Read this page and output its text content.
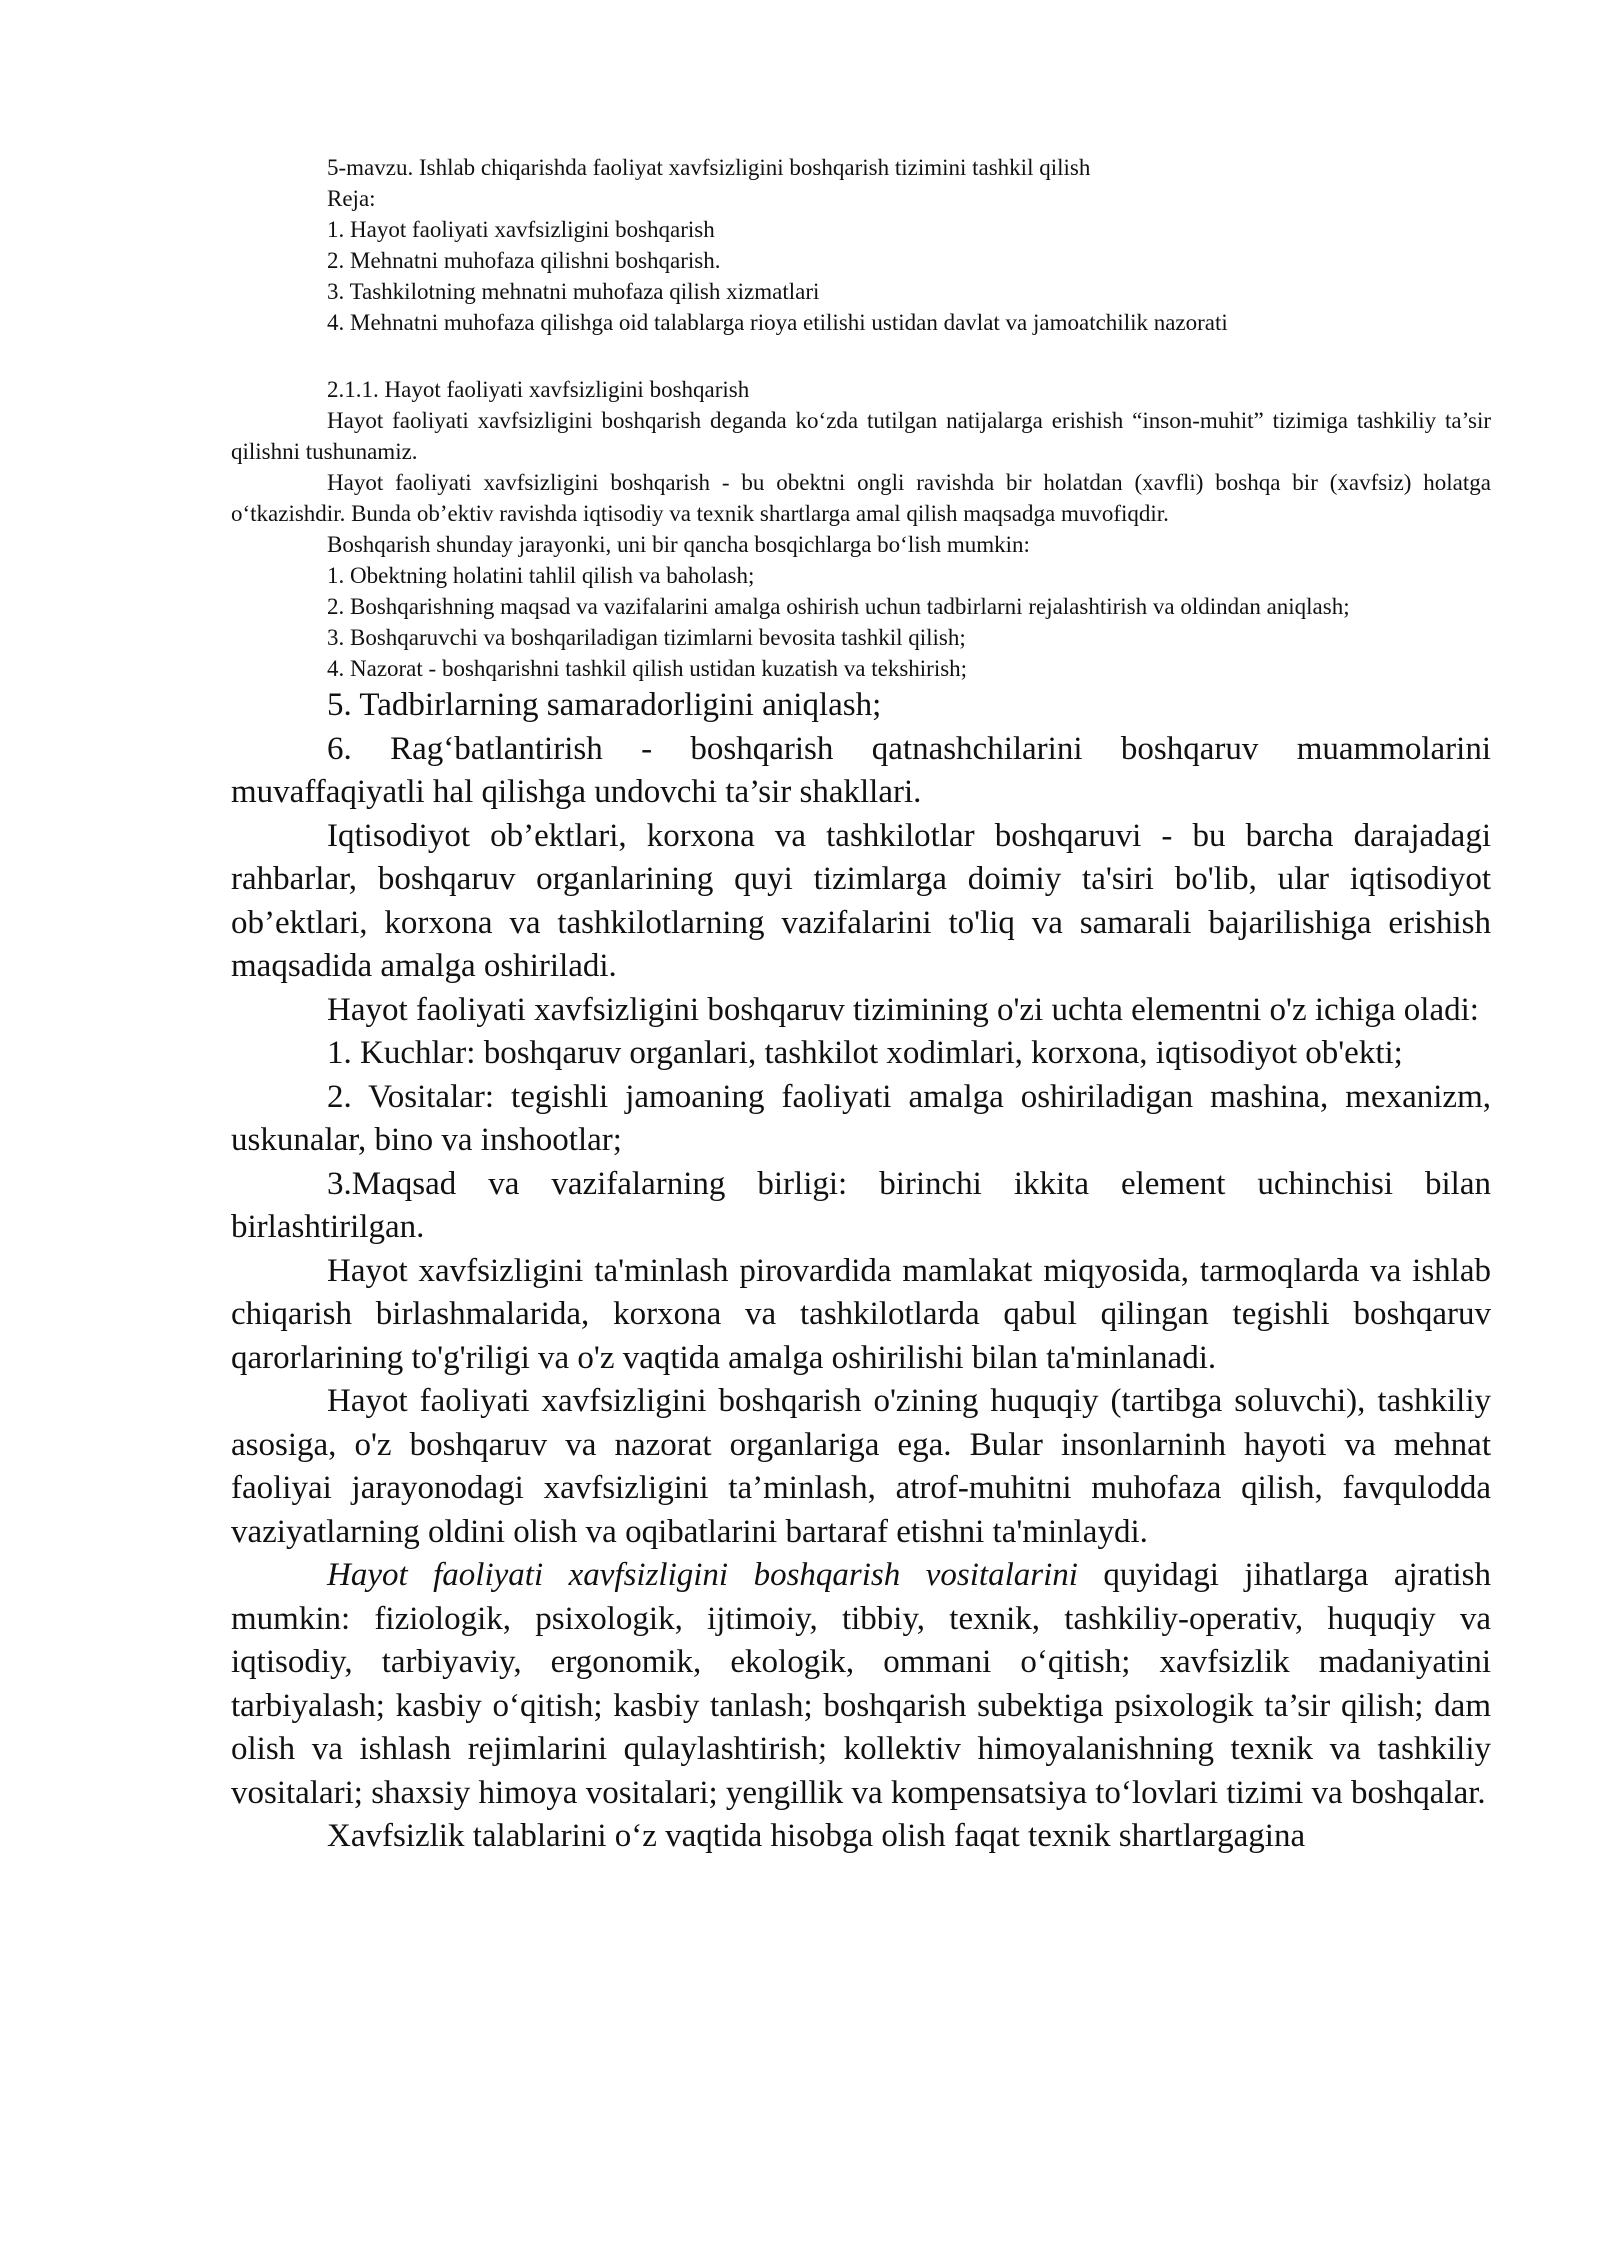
5-mavzu. Ishlab chiqarishda faoliyat xavfsizligini boshqarish tizimini tashkil qilish

Reja:

1. Hayot faoliyati xavfsizligini boshqarish

2. Mehnatni muhofaza qilishni boshqarish.

3. Tashkilotning mehnatni muhofaza qilish xizmatlari

4. Mehnatni muhofaza qilishga oid talablarga rioya etilishi ustidan davlat va jamoatchilik nazorati

2.1.1. Hayot faoliyati xavfsizligini boshqarish

Hayot faoliyati xavfsizligini boshqarish deganda ko‘zda tutilgan natijalarga erishish “inson-muhit” tizimiga tashkiliy ta’sir qilishni tushunamiz.

Hayot faoliyati xavfsizligini boshqarish - bu obektni ongli ravishda bir holatdan (xavfli) boshqa bir (xavfsiz) holatga o‘tkazishdir. Bunda ob’ektiv ravishda iqtisodiy va texnik shartlarga amal qilish maqsadga muvofiqdir.

Boshqarish shunday jarayonki, uni bir qancha bosqichlarga bo‘lish mumkin:

1. Obektning holatini tahlil qilish va baholash;

2. Boshqarishning maqsad va vazifalarini amalga oshirish uchun tadbirlarni rejalashtirish va oldindan aniqlash;

3. Boshqaruvchi va boshqariladigan tizimlarni bevosita tashkil qilish;

4. Nazorat - boshqarishni tashkil qilish ustidan kuzatish va tekshirish;

5. Tadbirlarning samaradorligini aniqlash;

6. Rag‘batlantirish - boshqarish qatnashchilarini boshqaruv muammolarini muvaffaqiyatli hal qilishga undovchi ta’sir shakllari.

Iqtisodiyot ob’ektlari, korxona va tashkilotlar boshqaruvi - bu barcha darajadagi rahbarlar, boshqaruv organlarining quyi tizimlarga doimiy ta'siri bo'lib, ular iqtisodiyot ob’ektlari, korxona va tashkilotlarning vazifalarini to'liq va samarali bajarilishiga erishish maqsadida amalga oshiriladi.

Hayot faoliyati xavfsizligini boshqaruv tizimining o'zi uchta elementni o'z ichiga oladi:

1. Kuchlar: boshqaruv organlari, tashkilot xodimlari, korxona, iqtisodiyot ob'ekti;

2. Vositalar: tegishli jamoaning faoliyati amalga oshiriladigan mashina, mexanizm, uskunalar, bino va inshootlar;

3.Maqsad va vazifalarning birligi: birinchi ikkita element uchinchisi bilan birlashtirilgan.

Hayot xavfsizligini ta'minlash pirovardida mamlakat miqyosida, tarmoqlarda va ishlab chiqarish birlashmalarida, korxona va tashkilotlarda qabul qilingan tegishli boshqaruv qarorlarining to'g'riligi va o'z vaqtida amalga oshirilishi bilan ta'minlanadi.

Hayot faoliyati xavfsizligini boshqarish o'zining huquqiy (tartibga soluvchi), tashkiliy asosiga, o'z boshqaruv va nazorat organlariga ega. Bular insonlarninh hayoti va mehnat faoliyai jarayonodagi xavfsizligini ta’minlash, atrof-muhitni muhofaza qilish, favqulodda vaziyatlarning oldini olish va oqibatlarini bartaraf etishni ta'minlaydi.

Hayot faoliyati xavfsizligini boshqarish vositalarini quyidagi jihatlarga ajratish mumkin: fiziologik, psixologik, ijtimoiy, tibbiy, texnik, tashkiliy-operativ, huquqiy va iqtisodiy, tarbiyaviy, ergonomik, ekologik, ommani o‘qitish; xavfsizlik madaniyatini tarbiyalash; kasbiy o‘qitish; kasbiy tanlash; boshqarish subektiga psixologik ta’sir qilish; dam olish va ishlash rejimlarini qulaylashtirish; kollektiv himoyalanishning texnik va tashkiliy vositalari; shaxsiy himoya vositalari; yengillik va kompensatsiya to‘lovlari tizimi va boshqalar.

Xavfsizlik talablarini o‘z vaqtida hisobga olish faqat texnik shartlargagina
